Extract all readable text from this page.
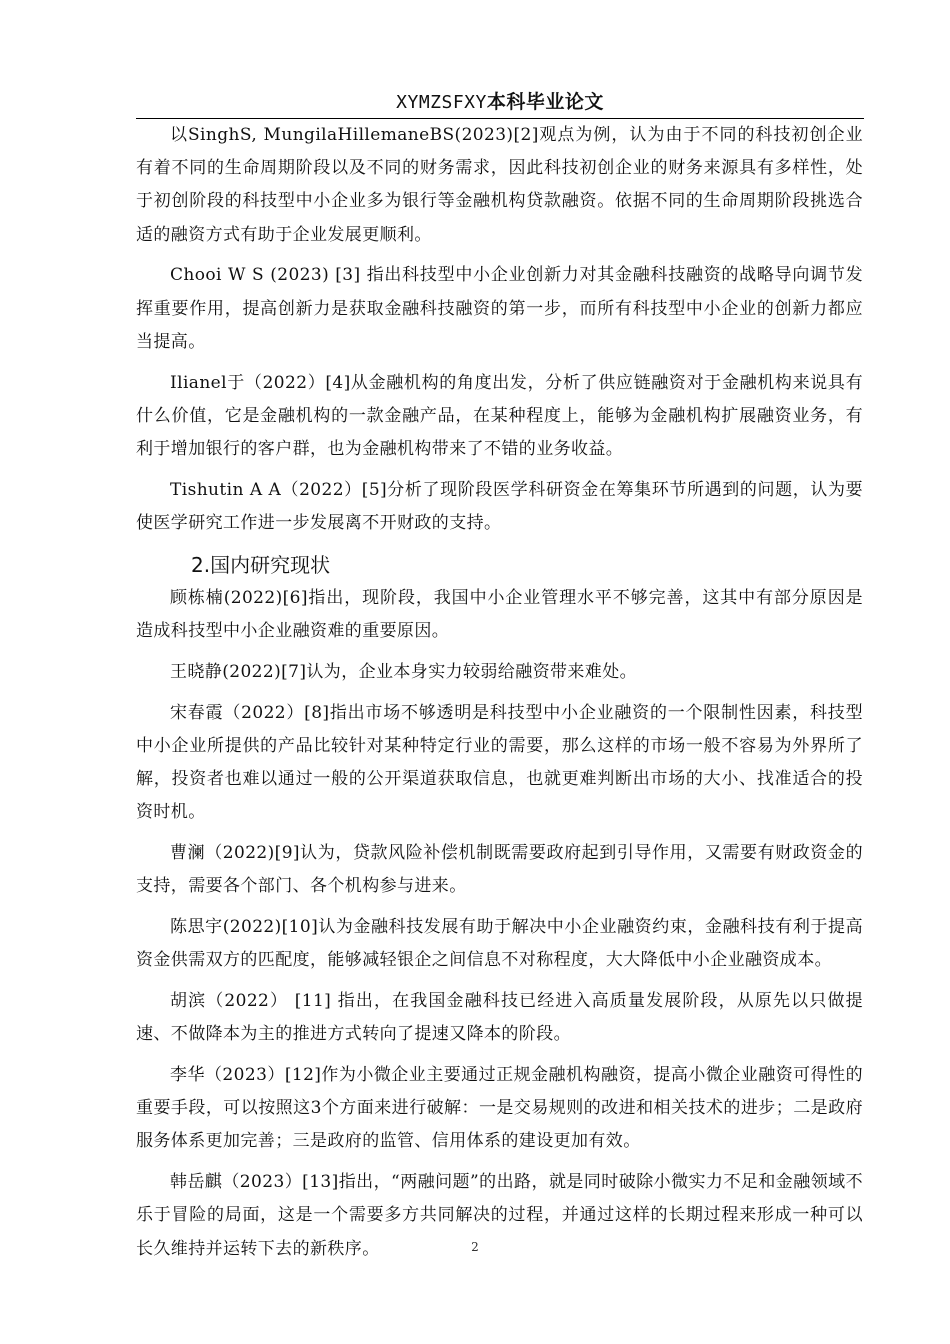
XYMZSFXY本科毕业论文

以SinghS, MungilaHillemaneBS(2023)[2]观点为例，认为由于不同的科技初创企业有着不同的生命周期阶段以及不同的财务需求，因此科技初创企业的财务来源具有多样性，处于初创阶段的科技型中小企业多为银行等金融机构贷款融资。依据不同的生命周期阶段挑选合适的融资方式有助于企业发展更顺利。

Chooi W S (2023) [3] 指出科技型中小企业创新力对其金融科技融资的战略导向调节发挥重要作用，提高创新力是获取金融科技融资的第一步，而所有科技型中小企业的创新力都应当提高。

Ilianel于（2022）[4]从金融机构的角度出发，分析了供应链融资对于金融机构来说具有什么价值，它是金融机构的一款金融产品，在某种程度上，能够为金融机构扩展融资业务，有利于增加银行的客户群，也为金融机构带来了不错的业务收益。

Tishutin A A（2022）[5]分析了现阶段医学科研资金在筹集环节所遇到的问题，认为要使医学研究工作进一步发展离不开财政的支持。

2.国内研究现状

顾栋楠(2022)[6]指出，现阶段，我国中小企业管理水平不够完善，这其中有部分原因是造成科技型中小企业融资难的重要原因。

王晓静(2022)[7]认为，企业本身实力较弱给融资带来难处。

宋春霞（2022）[8]指出市场不够透明是科技型中小企业融资的一个限制性因素，科技型中小企业所提供的产品比较针对某种特定行业的需要，那么这样的市场一般不容易为外界所了解，投资者也难以通过一般的公开渠道获取信息，也就更难判断出市场的大小、找准适合的投资时机。

曹澜（2022)[9]认为，贷款风险补偿机制既需要政府起到引导作用，又需要有财政资金的支持，需要各个部门、各个机构参与进来。

陈思宇(2022)[10]认为金融科技发展有助于解决中小企业融资约束，金融科技有利于提高资金供需双方的匹配度，能够减轻银企之间信息不对称程度，大大降低中小企业融资成本。

胡滨（2022） [11] 指出，在我国金融科技已经进入高质量发展阶段，从原先以只做提速、不做降本为主的推进方式转向了提速又降本的阶段。

李华（2023）[12]作为小微企业主要通过正规金融机构融资，提高小微企业融资可得性的重要手段，可以按照这3个方面来进行破解：一是交易规则的改进和相关技术的进步；二是政府服务体系更加完善；三是政府的监管、信用体系的建设更加有效。

韩岳麒（2023）[13]指出，“两融问题”的出路，就是同时破除小微实力不足和金融领域不乐于冒险的局面，这是一个需要多方共同解决的过程，并通过这样的长期过程来形成一种可以长久维持并运转下去的新秩序。	2
